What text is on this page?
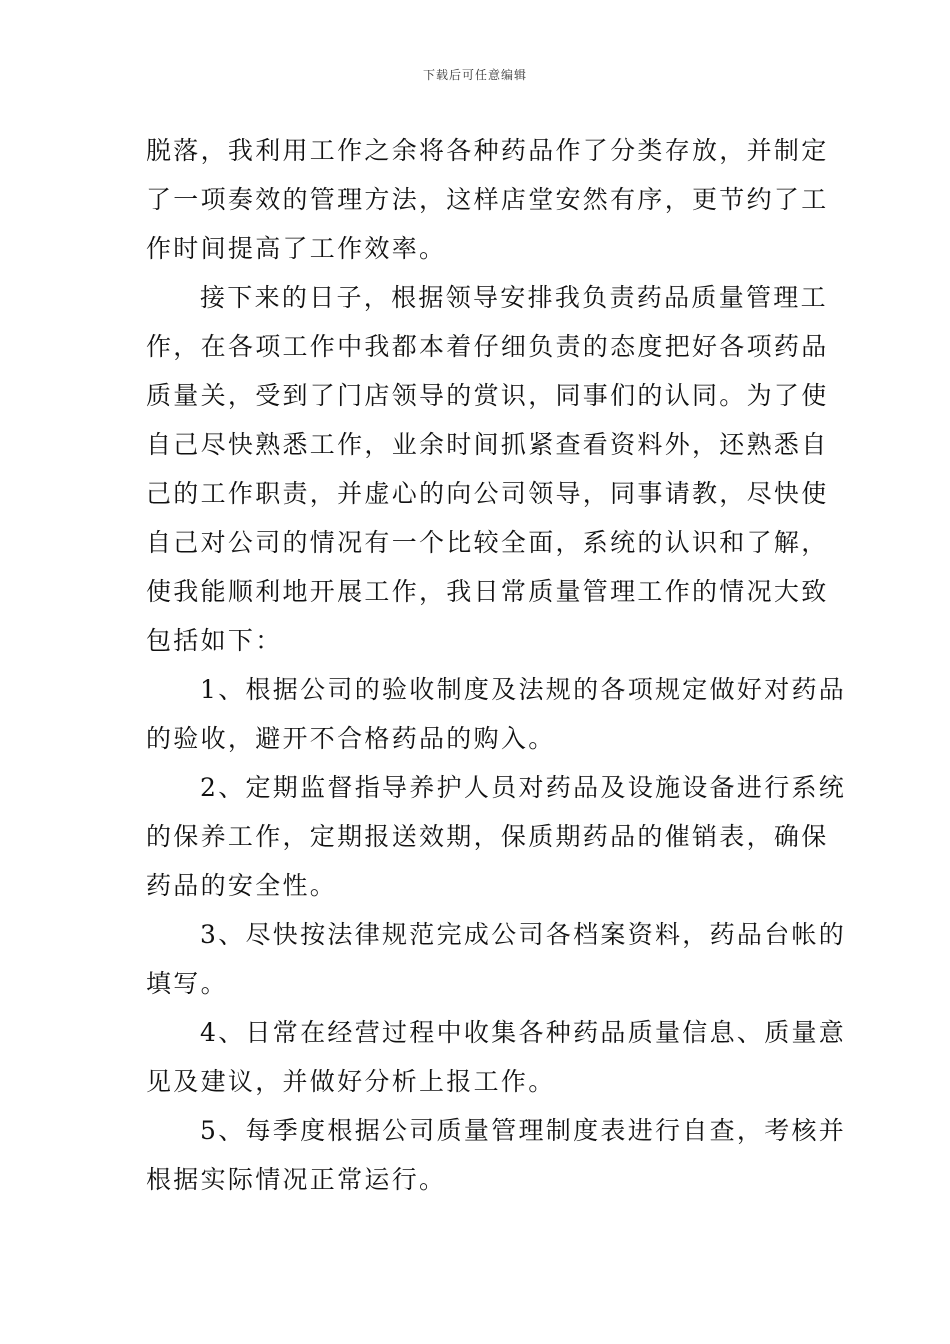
下载后可任意编辑

脱落，我利用工作之余将各种药品作了分类存放，并制定
了一项奏效的管理方法，这样店堂安然有序，更节约了工
作时间提高了工作效率。

接下来的日子，根据领导安排我负责药品质量管理工
作，在各项工作中我都本着仔细负责的态度把好各项药品
质量关，受到了门店领导的赏识，同事们的认同。为了使
自己尽快熟悉工作，业余时间抓紧查看资料外，还熟悉自
己的工作职责，并虚心的向公司领导，同事请教，尽快使
自己对公司的情况有一个比较全面，系统的认识和了解，
使我能顺利地开展工作，我日常质量管理工作的情况大致
包括如下：

1、根据公司的验收制度及法规的各项规定做好对药品
的验收，避开不合格药品的购入。

2、定期监督指导养护人员对药品及设施设备进行系统
的保养工作，定期报送效期，保质期药品的催销表，确保
药品的安全性。

3、尽快按法律规范完成公司各档案资料，药品台帐的
填写。

4、日常在经营过程中收集各种药品质量信息、质量意
见及建议，并做好分析上报工作。

5、每季度根据公司质量管理制度表进行自查，考核并
根据实际情况正常运行。
